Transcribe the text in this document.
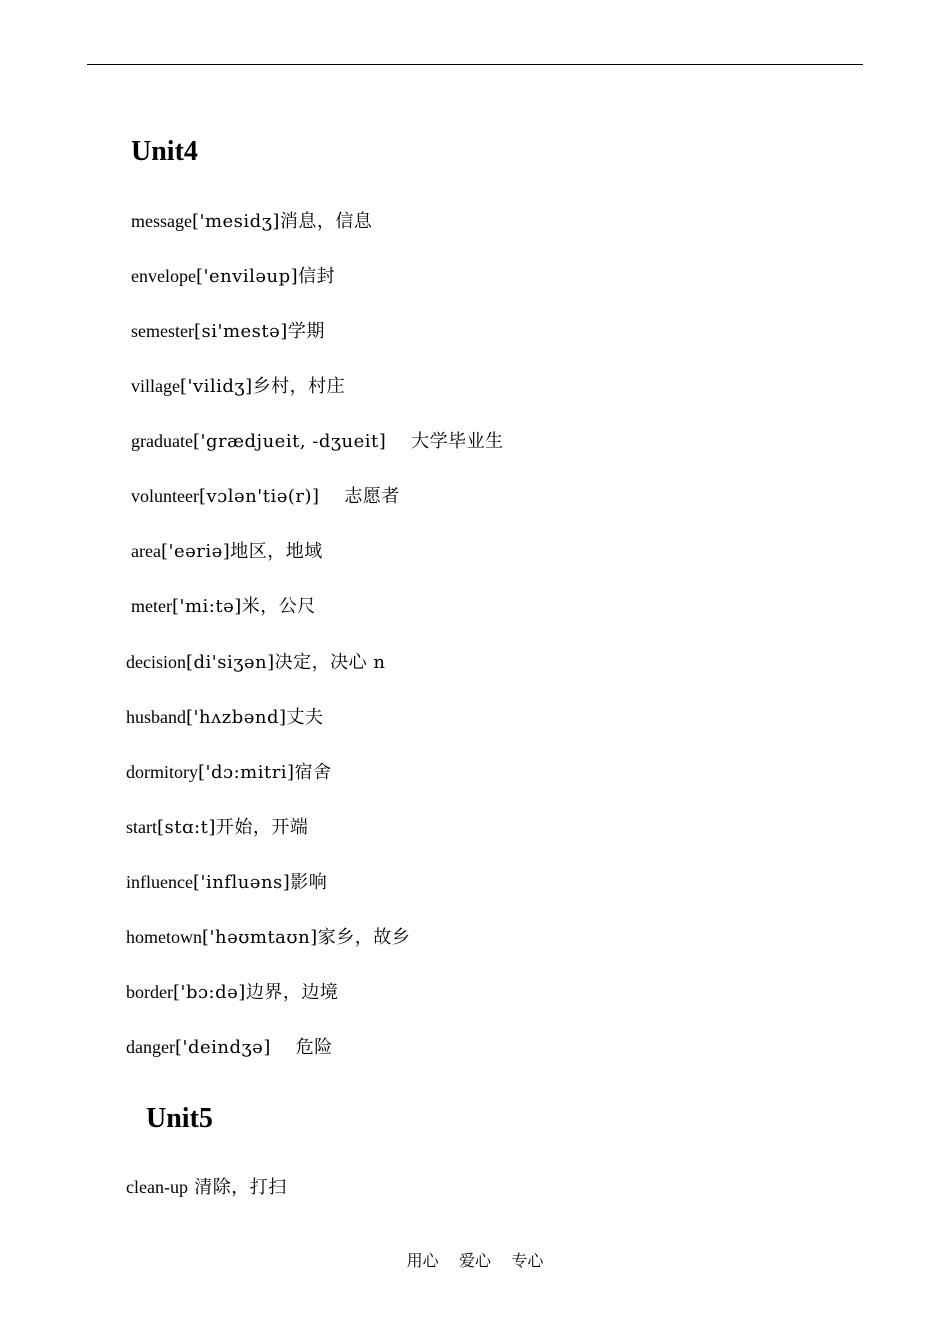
Unit4
message['mesidʒ]消息，信息
envelope['enviləup]信封
semester[si'mestə]学期
village['vilidʒ]乡村，村庄
graduate['grædjueit, -dʒueit]    大学毕业生
volunteer[vɔlən'tiə(r)]    志愿者
area['eəriə]地区，地域
meter['mi:tə]米，公尺
decision[di'siʒən]决定，决心 n
husband['hʌzbənd]丈夫
dormitory['dɔ:mitri]宿舍
start[stɑ:t]开始，开端
influence['influəns]影响
hometown['həʊmtaʊn]家乡，故乡
border['bɔ:də]边界，边境
danger['deindʒə]    危险
Unit5
clean-up 清除，打扫
用心    爱心    专心
